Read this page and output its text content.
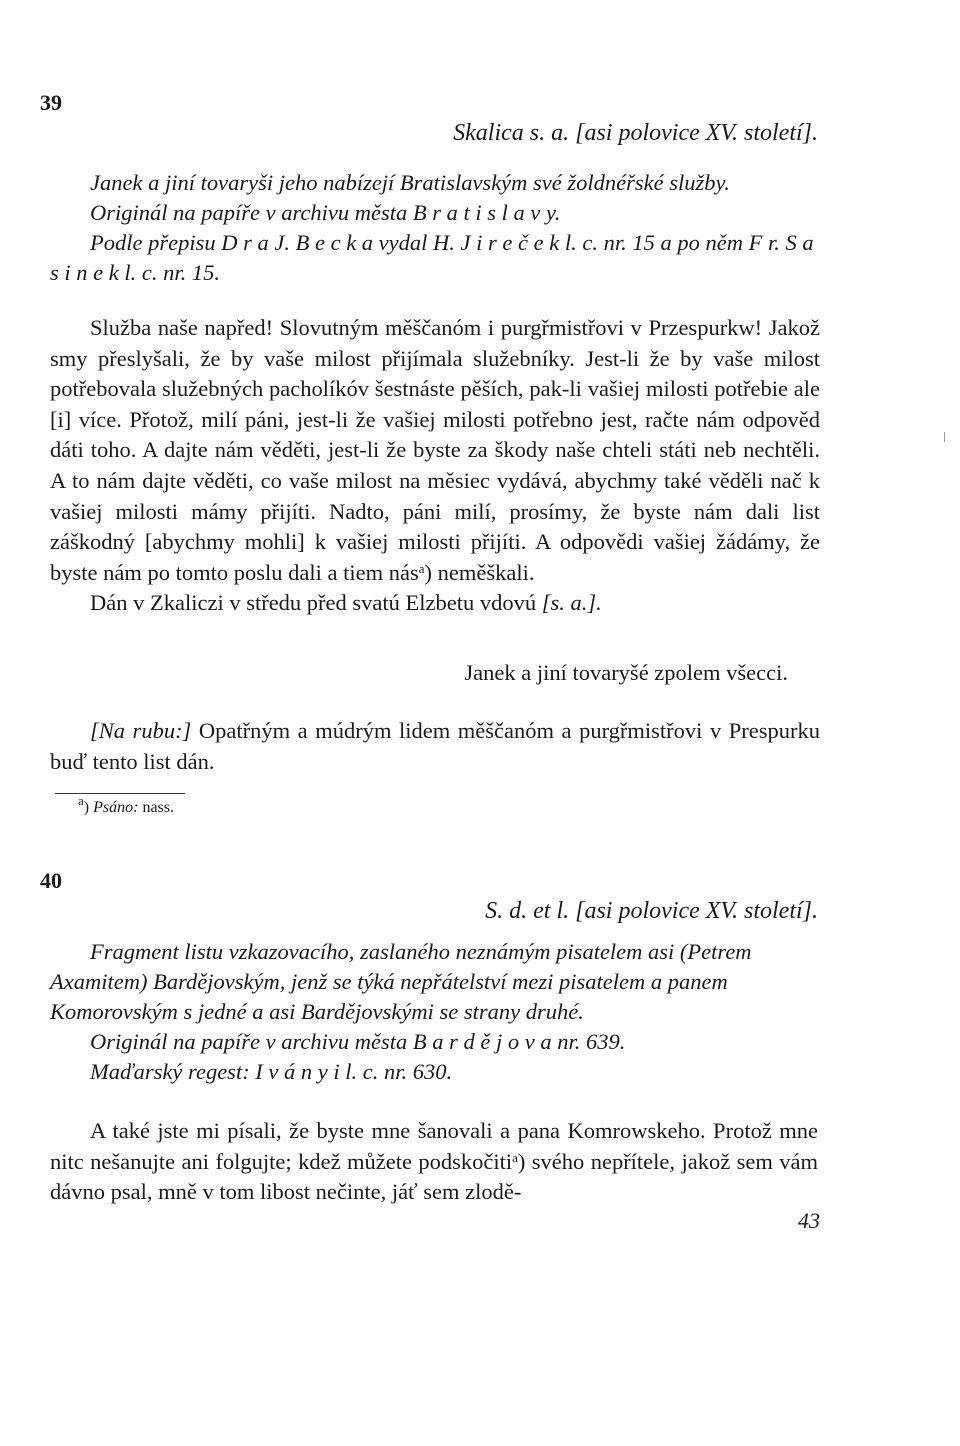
39
Skalica s. a. [asi polovice XV. století].

Janek a jiní tovaryši jeho nabízejí Bratislavským své žoldnéřské služby.

Originál na papíře v archivu města B r a t i s l a v y.

Podle přepisu D r a J. B e c k a vydal H. J i r e č e k l. c. nr. 15 a po něm F r. S a s i n e k l. c. nr. 15.

Služba naše napřed! Slovutným měščanóm i purgřmistřovi v Przespurkw! Jakož smy přeslyšali, že by vaše milost přijímala služebníky. Jest-li že by vaše milost potřebovala služebných pacholíkóv šestnáste pěších, pak-li vašiej milosti potřebie ale [i] více. Přotož, milí páni, jest-li že vašiej milosti potřebno jest, račte nám odpověd dáti toho. A dajte nám věděti, jest-li že byste za škody naše chteli státi neb nechtěli. A to nám dajte věděti, co vaše milost na měsiec vydává, abychmy také věděli nač k vašiej milosti mámy přijíti. Nadto, páni milí, prosímy, že byste nám dali list záškodný [abychmy mohli] k vašiej milosti přijíti. A odpovědi vašiej žádámy, že byste nám po tomto poslu dali a tiem nás$^a$) neměškali.

Dán v Zkaliczi v středu před svatú Elzbetu vdovú [s. a.].

Janek a jiní tovaryšé zpolem všecci.

[Na rubu:] Opatřným a múdrým lidem měščanóm a purgřmistřovi v Prespurku buď tento list dán.

$^a$) Psáno: nass.
40
S. d. et l. [asi polovice XV. století].

Fragment listu vzkazovacího, zaslaného neznámým pisatelem asi (Petrem Axamitem) Bardějovským, jenž se týká nepřátelství mezi pisatelem a panem Komorovským s jedné a asi Bardějovskými se strany druhé.

Originál na papíře v archivu města B a r d ě j o v a nr. 639.

Maďarský regest: I v á n y i l. c. nr. 630.

A také jste mi písali, že byste mne šanovali a pana Komrowskeho. Protož mne nitc nešanujte ani folgujte; kdež můžete podskočiti$^a$) svého nepřítele, jakož sem vám dávno psal, mně v tom libost nečinte, jáť sem zlodě-

43
